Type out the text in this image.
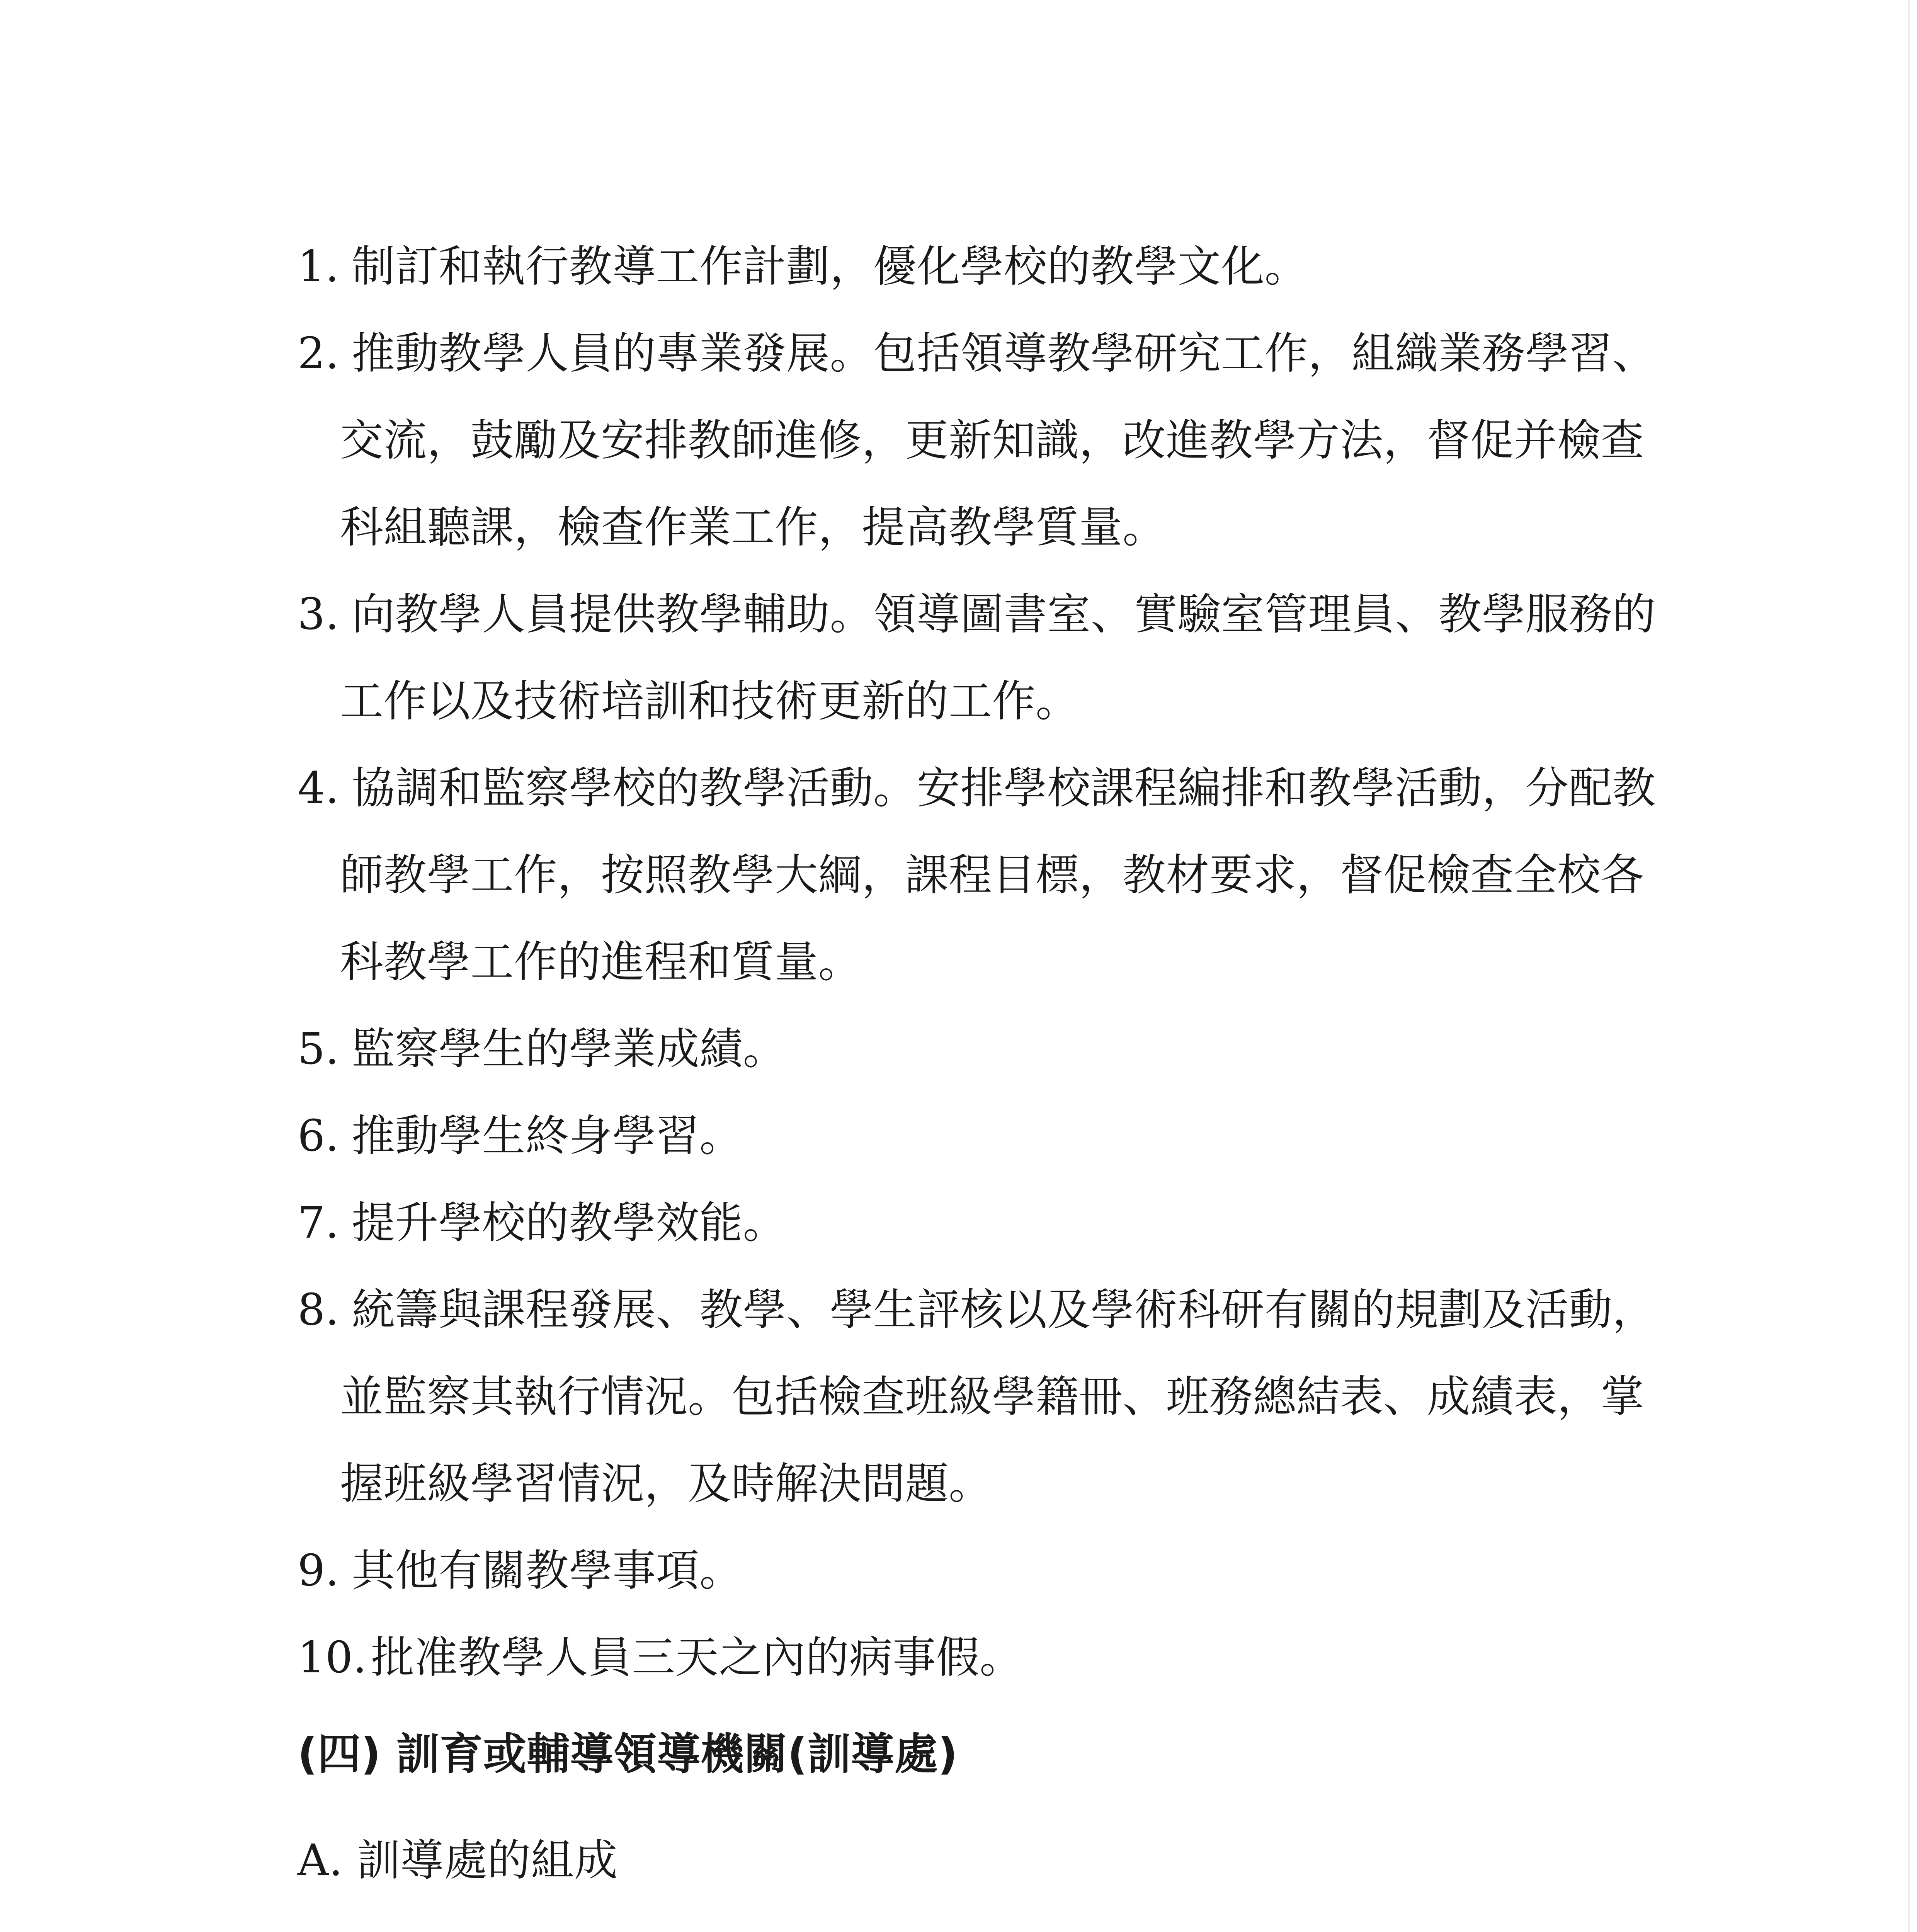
1. 制訂和執行教導工作計劃，優化學校的教學文化。
2. 推動教學人員的專業發展。包括領導教學研究工作，組織業務學習、
交流，鼓勵及安排教師進修，更新知識，改進教學方法，督促并檢查
科組聽課，檢查作業工作，提高教學質量。
3. 向教學人員提供教學輔助。領導圖書室、實驗室管理員、教學服務的
工作以及技術培訓和技術更新的工作。
4. 協調和監察學校的教學活動。安排學校課程編排和教學活動，分配教
師教學工作，按照教學大綱，課程目標，教材要求，督促檢查全校各
科教學工作的進程和質量。
5. 監察學生的學業成績。
6. 推動學生終身學習。
7. 提升學校的教學效能。
8. 統籌與課程發展、教學、學生評核以及學術科研有關的規劃及活動，
並監察其執行情況。包括檢查班級學籍冊、班務總結表、成績表，掌
握班級學習情況，及時解決問題。
9. 其他有關教學事項。
10.批准教學人員三天之內的病事假。
(四) 訓育或輔導領導機關(訓導處)
A. 訓導處的組成
